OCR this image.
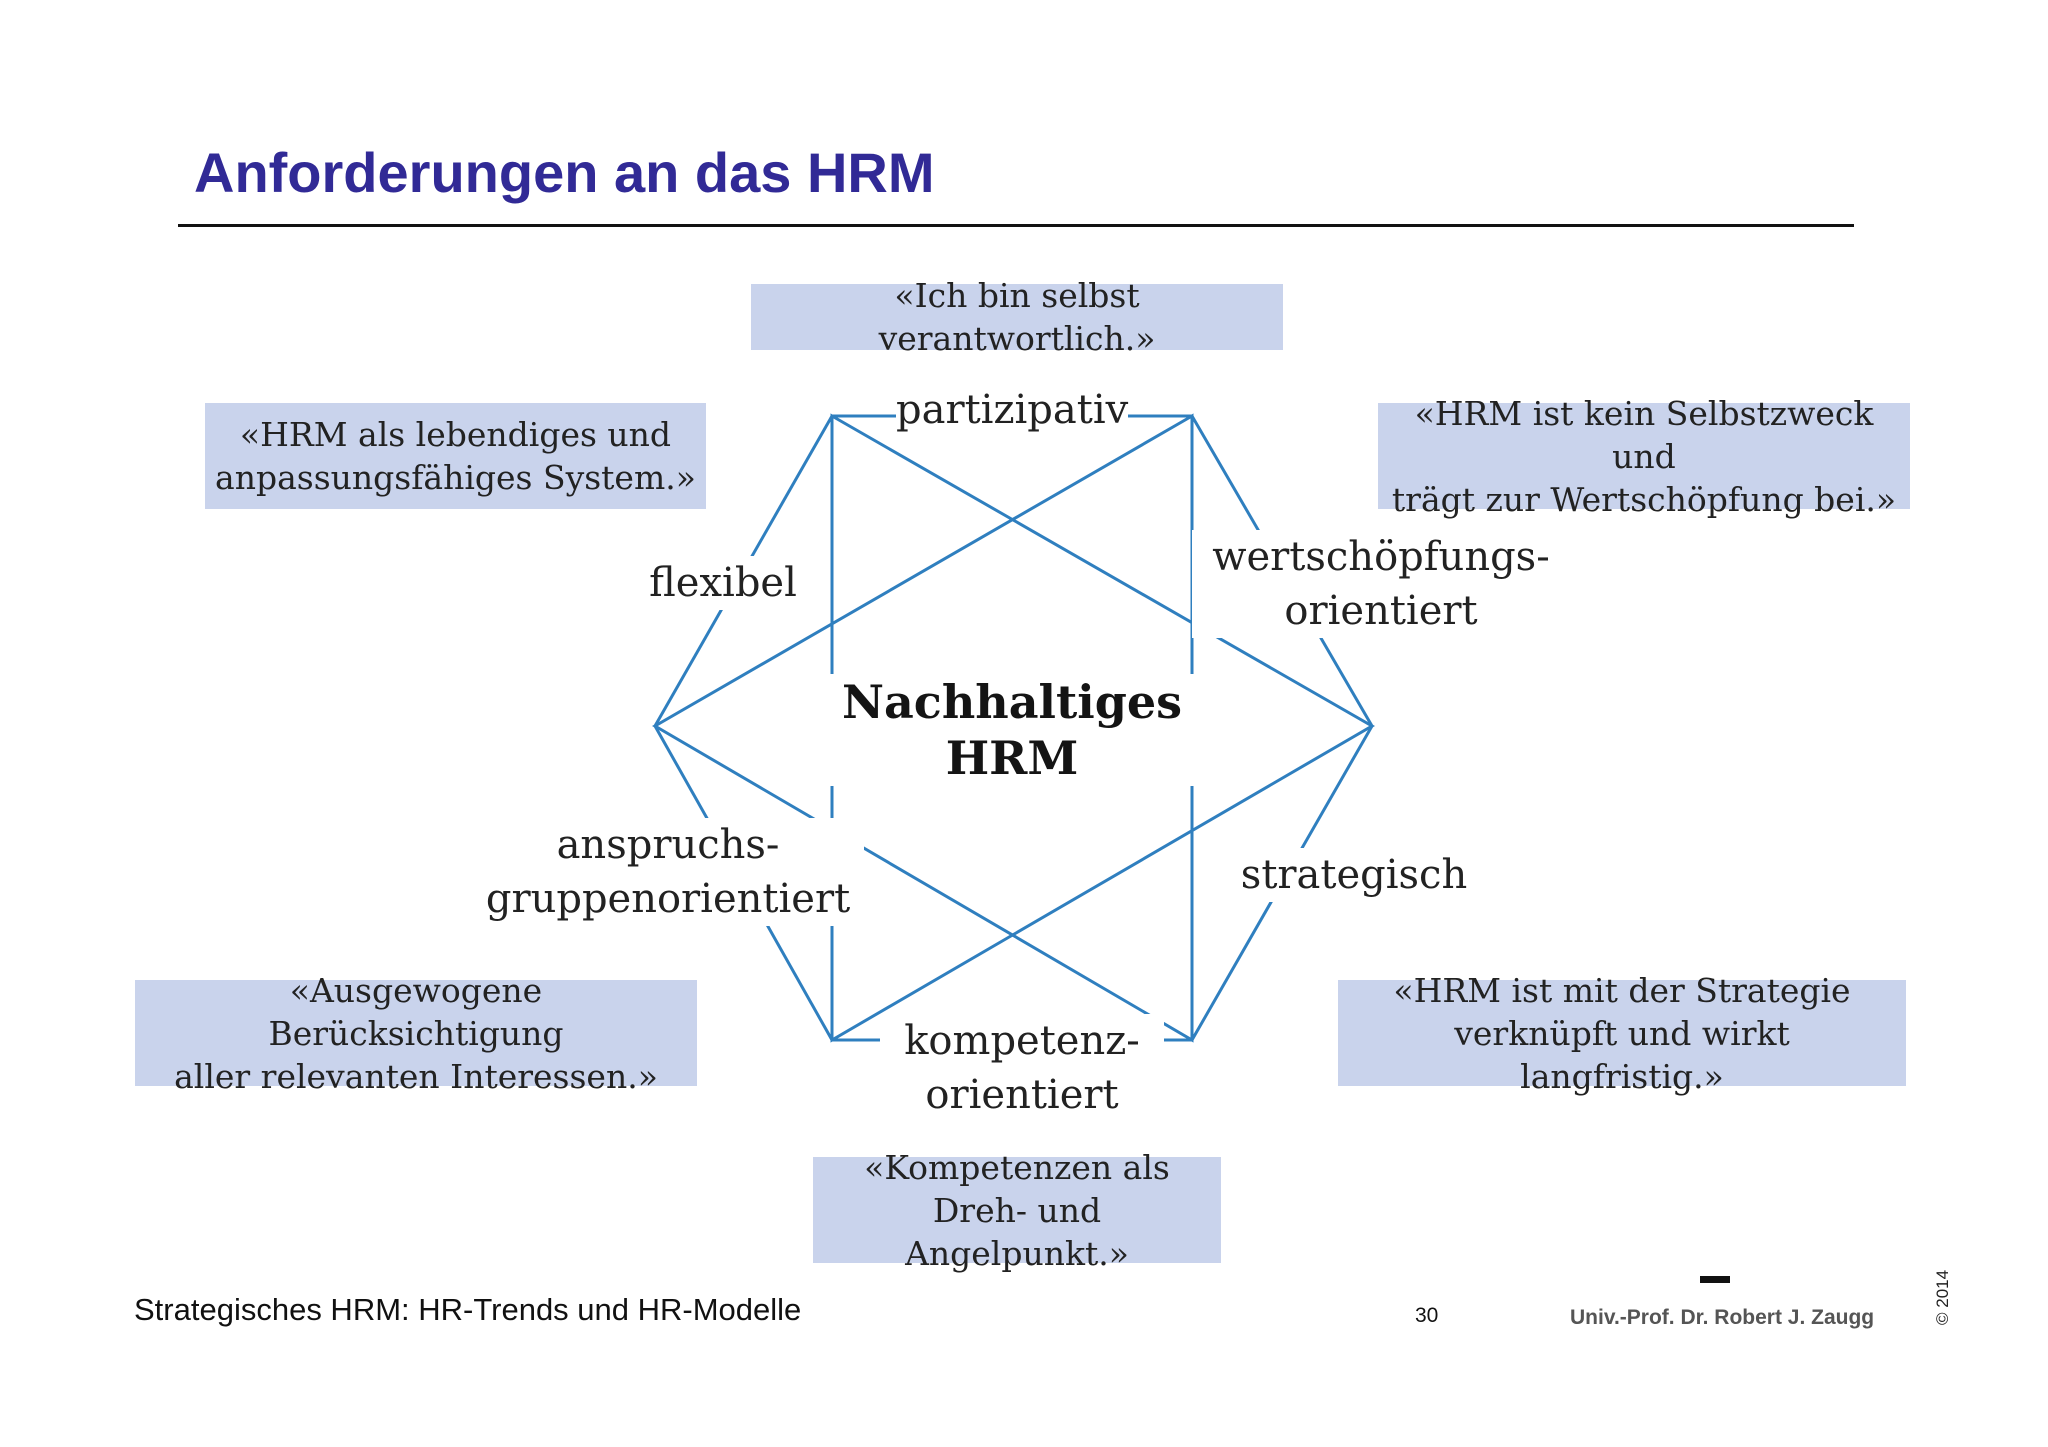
Anforderungen an das HRM
Nachhaltiges
HRM
partizipativ
wertschöpfungs-
orientiert
strategisch
kompetenz-
orientiert
anspruchs-
gruppenorientiert
flexibel
«Ich bin selbst verantwortlich.»
«HRM ist kein Selbstzweck und
trägt zur Wertschöpfung bei.»
«HRM ist mit der Strategie
verknüpft und wirkt langfristig.»
«Kompetenzen als
Dreh- und Angelpunkt.»
«Ausgewogene Berücksichtigung
aller relevanten Interessen.»
«HRM als lebendiges und
anpassungsfähiges System.»
Strategisches HRM: HR-Trends und HR-Modelle	30	Univ.-Prof. Dr. Robert J. Zaugg	© 2014
